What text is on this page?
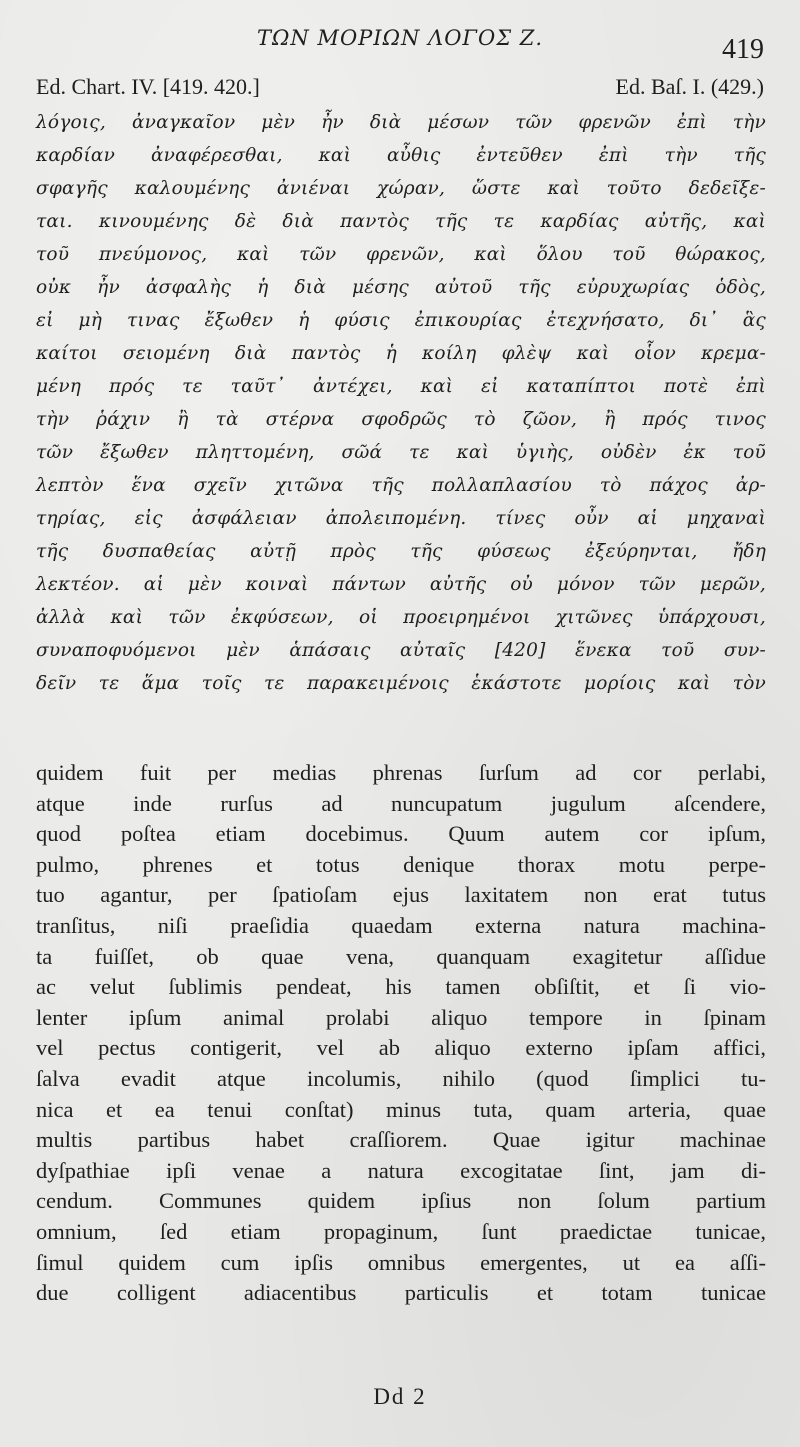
ΤΩΝ ΜΟΡΙΩΝ ΛΟΓΟΣ Ζ.	419
Ed. Chart. IV. [419. 420.]	Ed. Baſ. I. (429.)
λόγοις, ἀναγκαῖον μὲν ἦν διὰ μέσων τῶν φρενῶν ἐπὶ τὴν
καρδίαν ἀναφέρεσθαι, καὶ αὖθις ἐντεῦθεν ἐπὶ τὴν τῆς
σφαγῆς καλουμένης ἀνιέναι χώραν, ὥστε καὶ τοῦτο δεδεῖξε-
ται. κινουμένης δὲ διὰ παντὸς τῆς τε καρδίας αὐτῆς, καὶ
τοῦ πνεύμονος, καὶ τῶν φρενῶν, καὶ ὅλου τοῦ θώρακος,
οὐκ ἦν ἀσφαλὴς ἡ διὰ μέσης αὐτοῦ τῆς εὐρυχωρίας ὁδὸς,
εἰ μὴ τινας ἔξωθεν ἡ φύσις ἐπικουρίας ἐτεχνήσατο, δι᾽ ἃς
καίτοι σειομένη διὰ παντὸς ἡ κοίλη φλὲψ καὶ οἷον κρεμα-
μένη πρός τε ταῦτ᾽ ἀντέχει, καὶ εἰ καταπίπτοι ποτὲ ἐπὶ
τὴν ῥάχιν ἢ τὰ στέρνα σφοδρῶς τὸ ζῶον, ἢ πρός τινος
τῶν ἔξωθεν πληττομένη, σῶά τε καὶ ὑγιὴς, οὐδὲν ἐκ τοῦ
λεπτὸν ἕνα σχεῖν χιτῶνα τῆς πολλαπλασίου τὸ πάχος ἀρ-
τηρίας, εἰς ἀσφάλειαν ἀπολειπομένη. τίνες οὖν αἱ μηχαναὶ
τῆς δυσπαθείας αὐτῇ πρὸς τῆς φύσεως ἐξεύρηνται, ἤδη
λεκτέον. αἱ μὲν κοιναὶ πάντων αὐτῆς οὐ μόνον τῶν μερῶν,
ἀλλὰ καὶ τῶν ἐκφύσεων, οἱ προειρημένοι χιτῶνες ὑπάρχουσι,
συναποφυόμενοι μὲν ἁπάσαις αὐταῖς [420] ἕνεκα τοῦ συν-
δεῖν τε ἅμα τοῖς τε παρακειμένοις ἑκάστοτε μορίοις καὶ τὸν
quidem fuit per medias phrenas ſurſum ad cor perlabi,
atque inde rurſus ad nuncupatum jugulum aſcendere,
quod poſtea etiam docebimus. Quum autem cor ipſum,
pulmo, phrenes et totus denique thorax motu perpe-
tuo agantur, per ſpatioſam ejus laxitatem non erat tutus
tranſitus, niſi praeſidia quaedam externa natura machina-
ta fuiſſet, ob quae vena, quanquam exagitetur aſſidue
ac velut ſublimis pendeat, his tamen obſiſtit, et ſi vio-
lenter ipſum animal prolabi aliquo tempore in ſpinam
vel pectus contigerit, vel ab aliquo externo ipſam affici,
ſalva evadit atque incolumis, nihilo (quod ſimplici tu-
nica et ea tenui conſtat) minus tuta, quam arteria, quae
multis partibus habet craſſiorem. Quae igitur machinae
dyſpathiae ipſi venae a natura excogitatae ſint, jam di-
cendum. Communes quidem ipſius non ſolum partium
omnium, ſed etiam propaginum, ſunt praedictae tunicae,
ſimul quidem cum ipſis omnibus emergentes, ut ea aſſi-
due colligent adiacentibus particulis et totam tunicae
Dd 2
